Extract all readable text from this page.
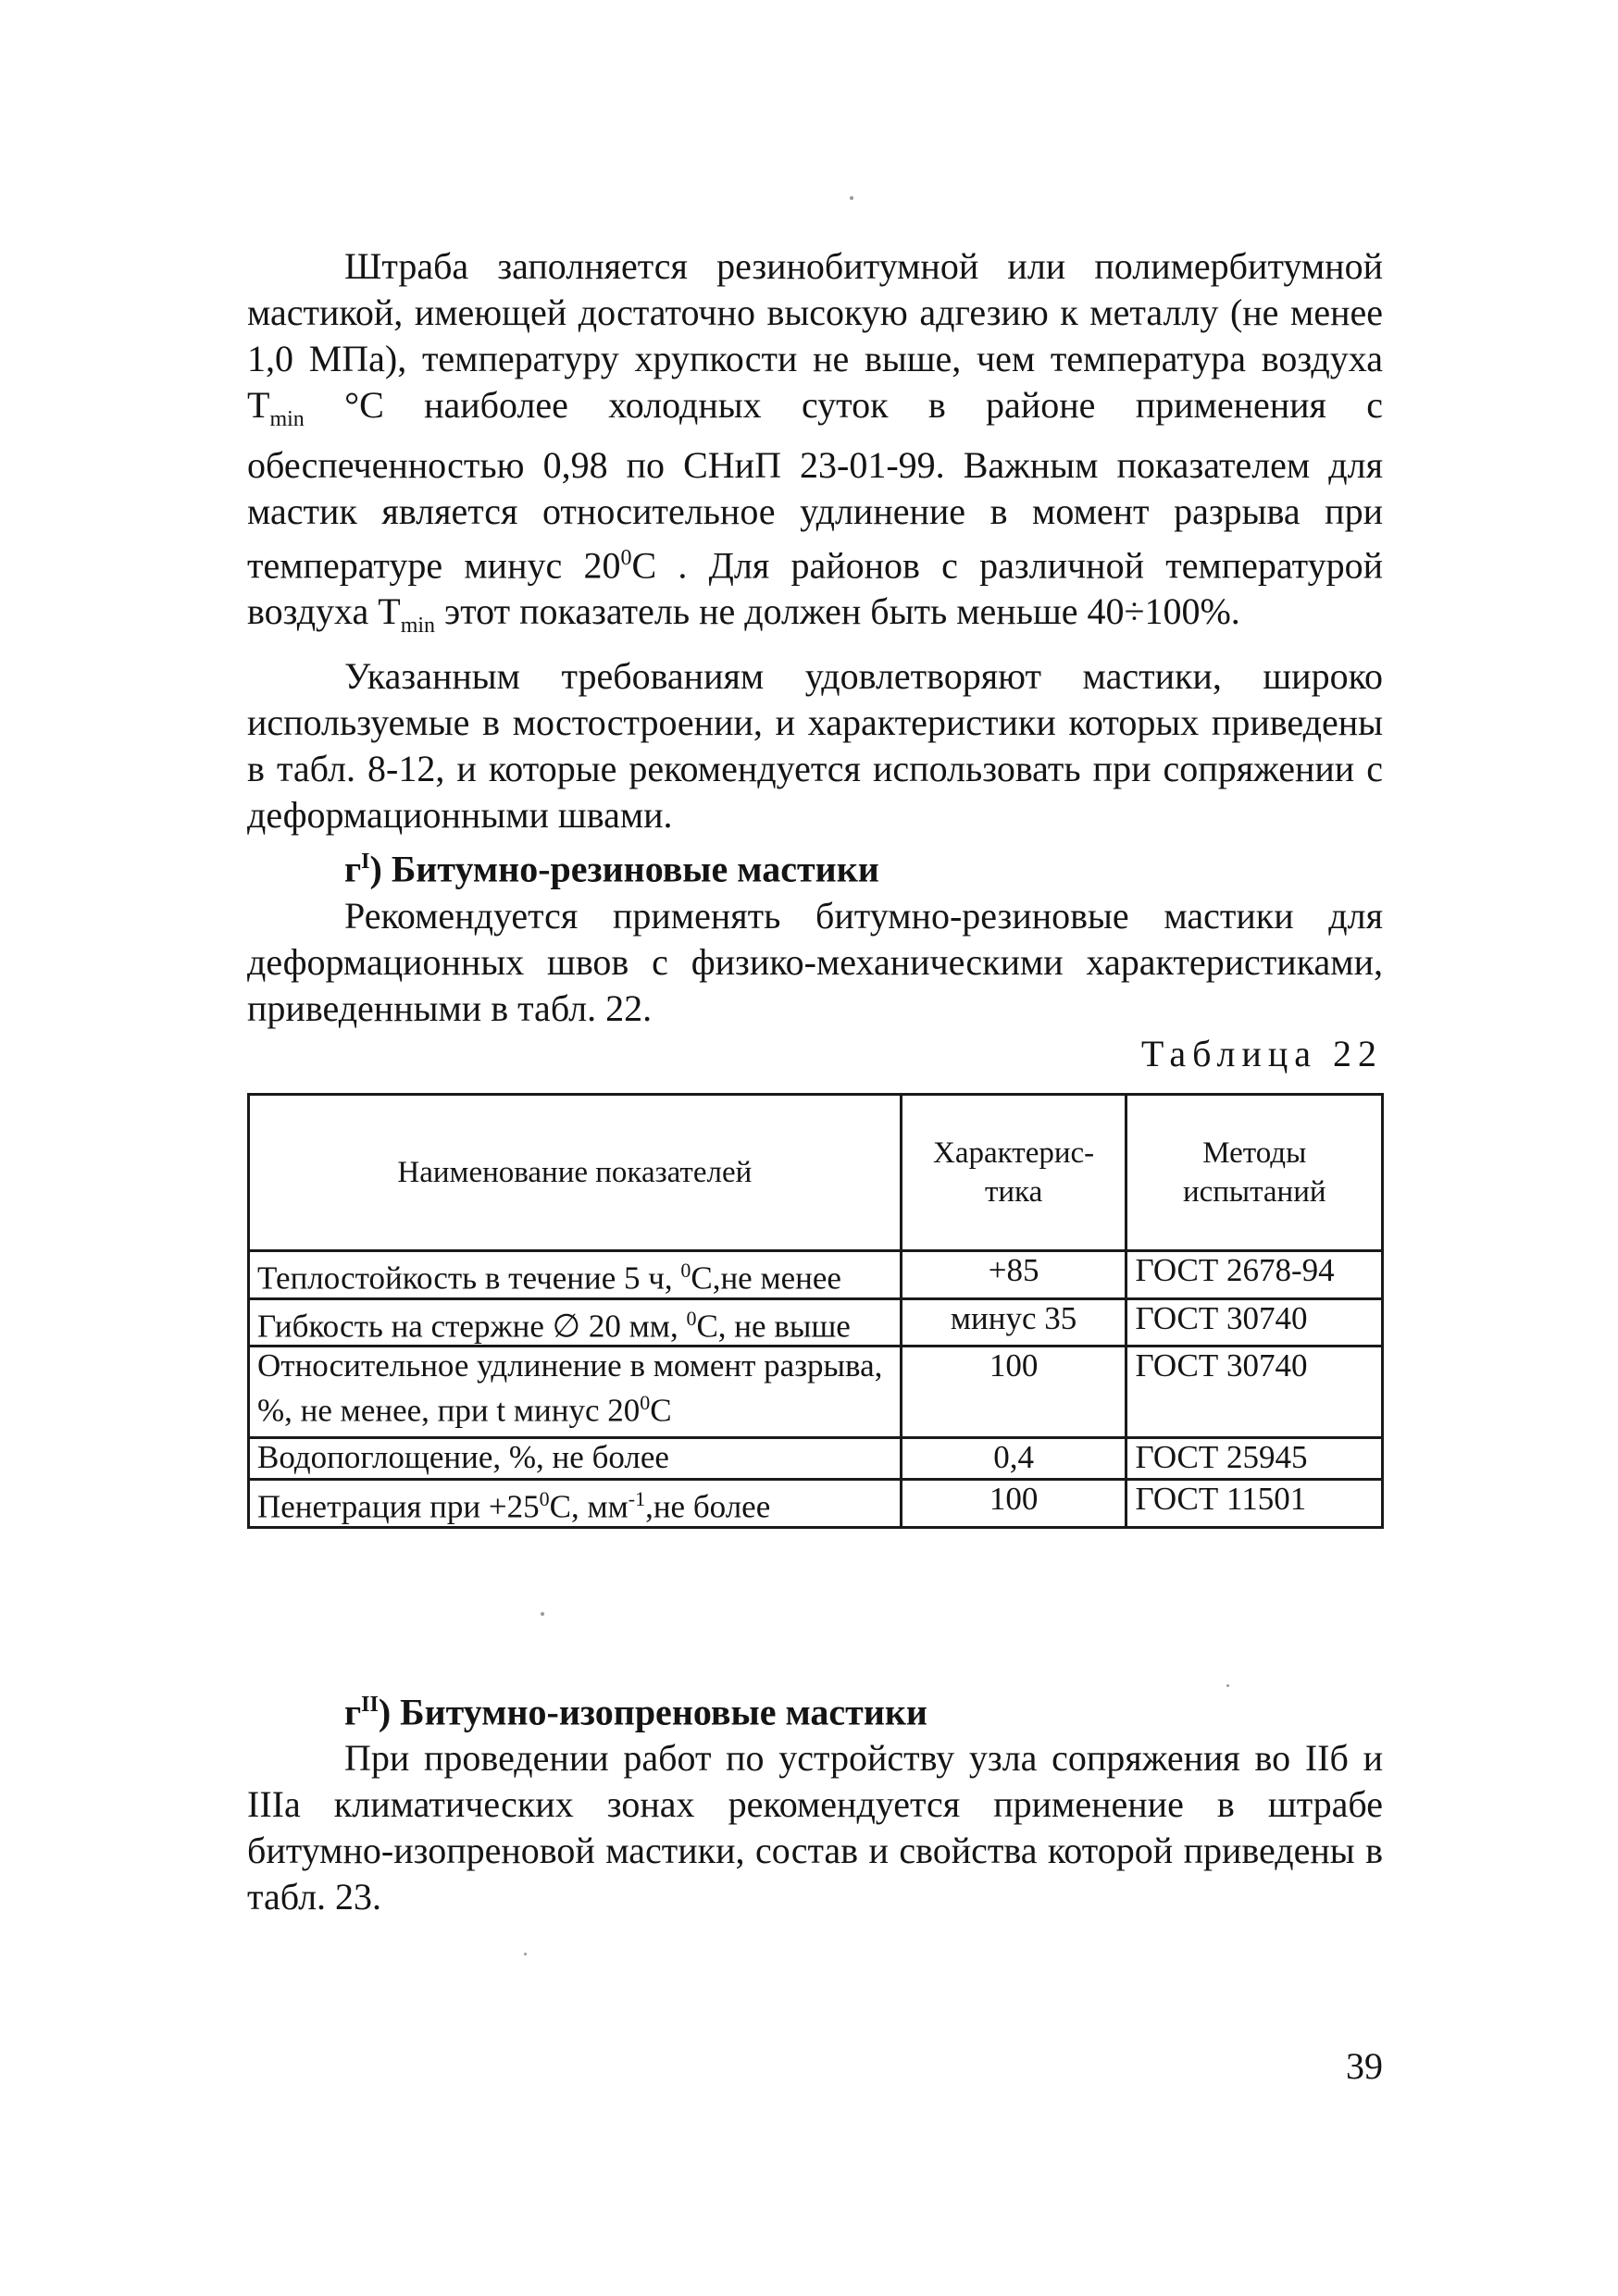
Штраба заполняется резинобитумной или полимербитумной мастикой, имеющей достаточно высокую адгезию к металлу (не менее 1,0 МПа), температуру хрупкости не выше, чем температура воздуха $Т_{min}$ °С наиболее холодных суток в районе применения с обеспеченностью 0,98 по СНиП 23-01-99. Важным показателем для мастик является относительное удлинение в момент разрыва при температуре минус $20^0С$ . Для районов с различной температурой воздуха $Т_{min}$ этот показатель не должен быть меньше 40÷100%.

Указанным требованиям удовлетворяют мастики, широко используемые в мостостроении, и характеристики которых приведены в табл. 8-12, и которые рекомендуется использовать при сопряжении с деформационными швами.

$г^I$) Битумно-резиновые мастики

Рекомендуется применять битумно-резиновые мастики для деформационных швов с физико-механическими характеристиками, приведенными в табл. 22.

Таблица 22
Наименование показателей	Характерис-тика	Методы испытаний
Теплостойкость в течение 5 ч, $^0$С,не менее	+85	ГОСТ 2678-94
Гибкость на стержне ∅ 20 мм, $^0$С, не выше	минус 35	ГОСТ 30740
Относительное удлинение в момент разрыва, %, не менее, при t минус $20^0С$	100	ГОСТ 30740
Водопоглощение, %, не более	0,4	ГОСТ 25945
Пенетрация при $+25^0С$, $мм^{-1},не$ более	100	ГОСТ 11501

$г^{II}$) Битумно-изопреновые мастики

При проведении работ по устройству узла сопряжения во IIб и IIIа климатических зонах рекомендуется применение в штрабе битумно-изопреновой мастики, состав и свойства которой приведены в табл. 23.

39
